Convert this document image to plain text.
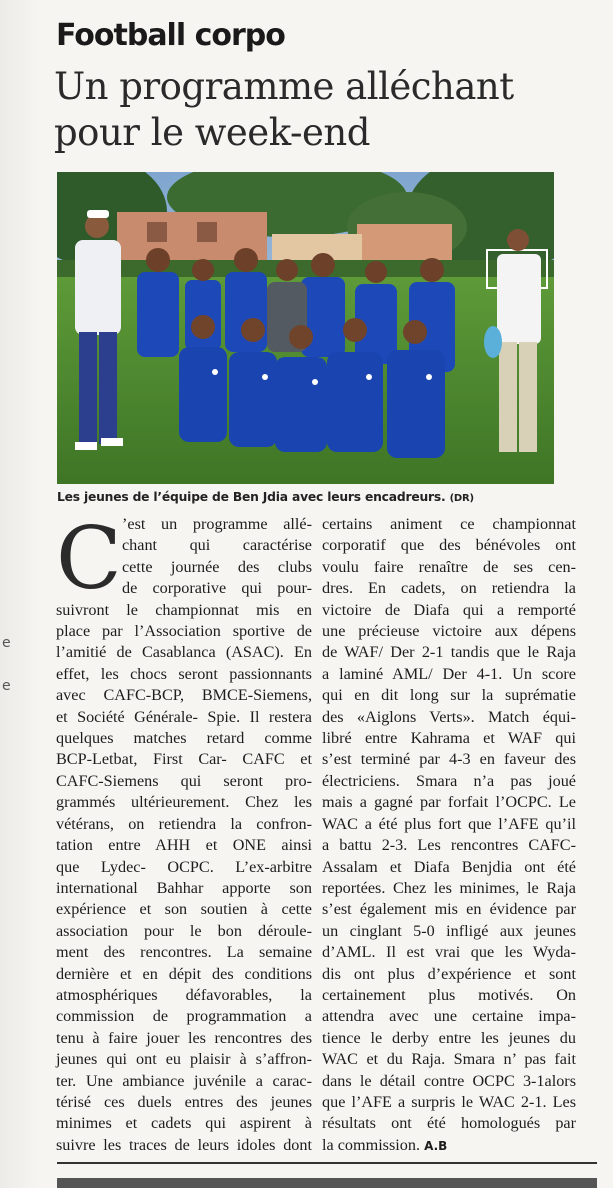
e
e
Football corpo
Un programme alléchant
pour le week-end

Les jeunes de l’équipe de Ben Jdia avec leurs encadreurs. (DR)

C ’est un programme allé-
chant qui caractérise
cette journée des clubs
de corporative qui pour-
suivront le championnat mis en
place par l’Association sportive de
l’amitié de Casablanca (ASAC). En
effet, les chocs seront passionnants
avec CAFC-BCP, BMCE-Siemens,
et Société Générale- Spie. Il restera
quelques matches retard comme
BCP-Letbat, First Car- CAFC et
CAFC-Siemens qui seront pro-
grammés ultérieurement. Chez les
vétérans, on retiendra la confron-
tation entre AHH et ONE ainsi
que Lydec- OCPC. L’ex-arbitre
international Bahhar apporte son
expérience et son soutien à cette
association pour le bon déroule-
ment des rencontres. La semaine
dernière et en dépit des conditions
atmosphériques défavorables, la
commission de programmation a
tenu à faire jouer les rencontres des
jeunes qui ont eu plaisir à s’affron-
ter. Une ambiance juvénile a carac-
térisé ces duels entres des jeunes
minimes et cadets qui aspirent à
suivre les traces de leurs idoles dont
certains animent ce championnat
corporatif que des bénévoles ont
voulu faire renaître de ses cen-
dres. En cadets, on retiendra la
victoire de Diafa qui a remporté
une précieuse victoire aux dépens
de WAF/ Der 2-1 tandis que le Raja
a laminé AML/ Der 4-1. Un score
qui en dit long sur la suprématie
des «Aiglons Verts». Match équi-
libré entre Kahrama et WAF qui
s’est terminé par 4-3 en faveur des
électriciens. Smara n’a pas joué
mais a gagné par forfait l’OCPC. Le
WAC a été plus fort que l’AFE qu’il
a battu 2-3. Les rencontres CAFC-
Assalam et Diafa Benjdia ont été
reportées. Chez les minimes, le Raja
s’est également mis en évidence par
un cinglant 5-0 infligé aux jeunes
d’AML. Il est vrai que les Wyda-
dis ont plus d’expérience et sont
certainement plus motivés. On
attendra avec une certaine impa-
tience le derby entre les jeunes du
WAC et du Raja. Smara n’ pas fait
dans le détail contre OCPC 3-1alors
que l’AFE a surpris le WAC 2-1. Les
résultats ont été homologués par
la commission. A.B
